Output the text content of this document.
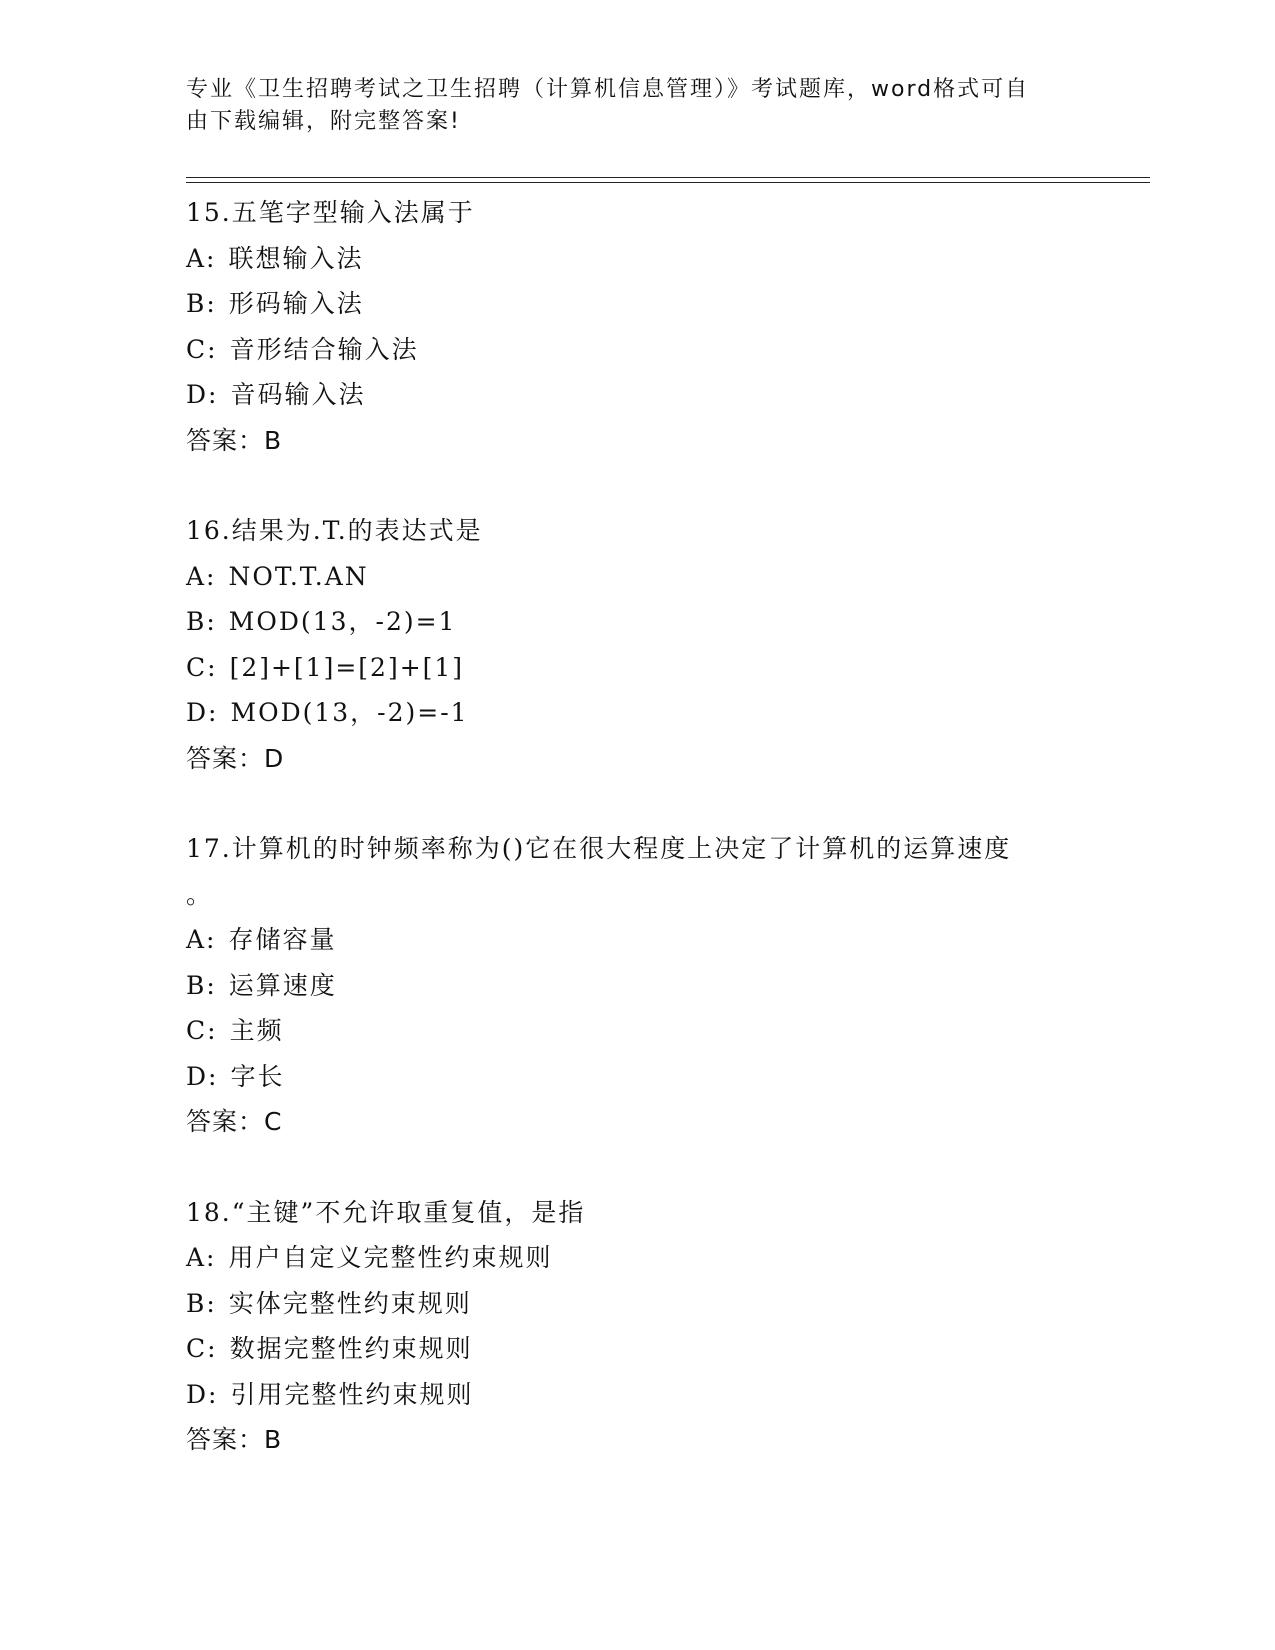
专业《卫生招聘考试之卫生招聘（计算机信息管理）》考试题库，word格式可自
由下载编辑，附完整答案!
15.五笔字型输入法属于
A: 联想输入法
B: 形码输入法
C: 音形结合输入法
D: 音码输入法
答案：B
16.结果为.T.的表达式是
A: NOT.T.AN
B: MOD(13，-2)=1
C: [2]+[1]=[2]+[1]
D: MOD(13，-2)=-1
答案：D
17.计算机的时钟频率称为()它在很大程度上决定了计算机的运算速度
。
A: 存储容量
B: 运算速度
C: 主频
D: 字长
答案：C
18.“主键”不允许取重复值，是指
A: 用户自定义完整性约束规则
B: 实体完整性约束规则
C: 数据完整性约束规则
D: 引用完整性约束规则
答案：B
